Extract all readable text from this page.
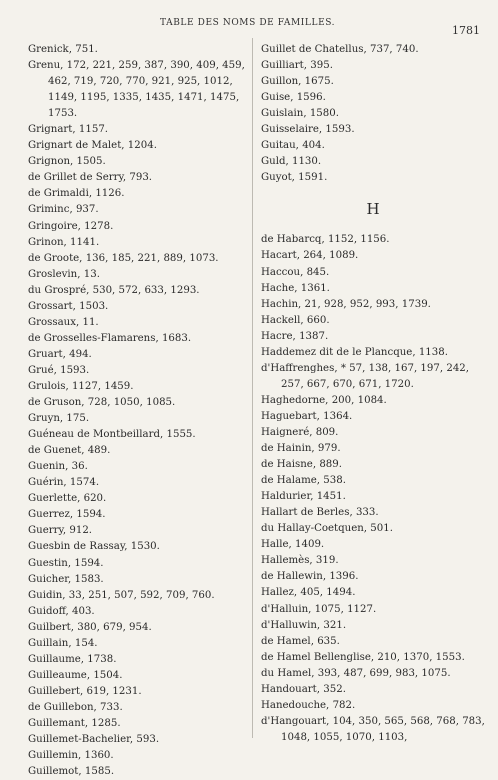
TABLE DES NOMS DE FAMILLES.
1781
Grenick, 751.
Grenu, 172, 221, 259, 387, 390, 409, 459, 462, 719, 720, 770, 921, 925, 1012, 1149, 1195, 1335, 1435, 1471, 1475, 1753.
Grignart, 1157.
Grignart de Malet, 1204.
Grignon, 1505.
de Grillet de Serry, 793.
de Grimaldi, 1126.
Griminc, 937.
Gringoire, 1278.
Grinon, 1141.
de Groote, 136, 185, 221, 889, 1073.
Groslevin, 13.
du Grospré, 530, 572, 633, 1293.
Grossart, 1503.
Grossaux, 11.
de Grosselles-Flamarens, 1683.
Gruart, 494.
Grué, 1593.
Grulois, 1127, 1459.
de Gruson, 728, 1050, 1085.
Gruyn, 175.
Guéneau de Montbeillard, 1555.
de Guenet, 489.
Guenin, 36.
Guérin, 1574.
Guerlette, 620.
Guerrez, 1594.
Guerry, 912.
Guesbin de Rassay, 1530.
Guestin, 1594.
Guicher, 1583.
Guidin, 33, 251, 507, 592, 709, 760.
Guidoff, 403.
Guilbert, 380, 679, 954.
Guillain, 154.
Guillaume, 1738.
Guilleaume, 1504.
Guillebert, 619, 1231.
de Guillebon, 733.
Guillemant, 1285.
Guillemet-Bachelier, 593.
Guillemin, 1360.
Guillemot, 1585.
Guillet de Chatellus, 737, 740.
Guilliart, 395.
Guillon, 1675.
Guise, 1596.
Guislain, 1580.
Guisselaire, 1593.
Guitau, 404.
Guld, 1130.
Guyot, 1591.
H
de Habarcq, 1152, 1156.
Hacart, 264, 1089.
Haccou, 845.
Hache, 1361.
Hachin, 21, 928, 952, 993, 1739.
Hackell, 660.
Hacre, 1387.
Haddemez dit de le Plancque, 1138.
d'Haffrenghes, * 57, 138, 167, 197, 242, 257, 667, 670, 671, 1720.
Haghedorne, 200, 1084.
Haguebart, 1364.
Haigneré, 809.
de Hainin, 979.
de Haisne, 889.
de Halame, 538.
Haldurier, 1451.
Hallart de Berles, 333.
du Hallay-Coetquen, 501.
Halle, 1409.
Hallemès, 319.
de Hallewin, 1396.
Hallez, 405, 1494.
d'Halluin, 1075, 1127.
d'Halluwin, 321.
de Hamel, 635.
de Hamel Bellenglise, 210, 1370, 1553.
du Hamel, 393, 487, 699, 983, 1075.
Handouart, 352.
Hanedouche, 782.
d'Hangouart, 104, 350, 565, 568, 768, 783, 1048, 1055, 1070, 1103,
